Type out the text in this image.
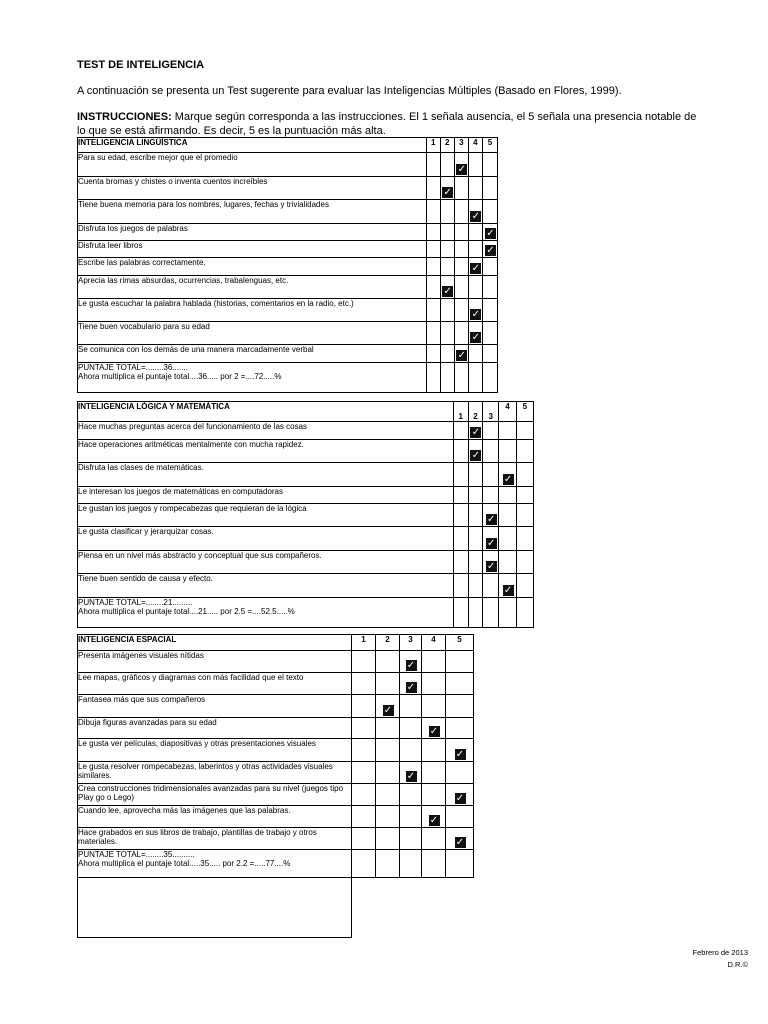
TEST DE INTELIGENCIA
A continuación se presenta un Test sugerente para evaluar las Inteligencias Múltiples (Basado en Flores, 1999).
INSTRUCCIONES: Marque según corresponda a las instrucciones. El 1 señala ausencia, el 5 señala una presencia notable de lo que se está afirmando. Es decir, 5 es la puntuación más alta.
INTELIGENCIA LINGÜÍSTICA	1	2	3	4	5
Para su edad, escribe mejor que el promedio			✓		

Cuenta bromas y chistes o inventa cuentos increíbles		✓			

Tiene buena memoria para los nombres, lugares, fechas y trivialidades				✓	

Disfruta los juegos de palabras					✓

Disfruta leer libros					✓

Escribe las palabras correctamente.				✓	

Aprecia las rimas absurdas, ocurrencias, trabalenguas, etc.		✓			

Le gusta escuchar la palabra hablada (historias, comentarios en la radio, etc.)				✓	

Tiene buen vocabulario para su edad				✓	

Se comunica con los demás de una manera marcadamente verbal			✓		

PUNTAJE TOTAL=........36.......
Ahora multiplica el puntaje total....36..... por 2 =....72.....%					

INTELIGENCIA LÓGICA Y MATEMÁTICA	1	2	3	4	5
Hace muchas preguntas acerca del funcionamiento de las cosas		✓			

Hace operaciones aritméticas mentalmente con mucha rapidez.		✓			

Disfruta las clases de matemáticas.				✓	

Le interesan los juegos de matemáticas en computadoras					
Le gustan los juegos y rompecabezas que requieran de la lógica			✓		

Le gusta clasificar y jerarquizar cosas.			✓		

Piensa en un nivel más abstracto y conceptual que sus compañeros.			✓		

Tiene buen sentido de causa y efecto.				✓	

PUNTAJE TOTAL=........21.........
Ahora multiplica el puntaje total....21..... por 2.5 =....52.5.....%					

INTELIGENCIA ESPACIAL	1	2	3	4	5
Presenta imágenes visuales nítidas			✓		

Lee mapas, gráficos y diagramas con más facilidad que el texto			✓		

Fantasea más que sus compañeros		✓			

Dibuja figuras avanzadas para su edad				✓	

Le gusta ver películas, diapositivas y otras presentaciones visuales					✓

Le gusta resolver rompecabezas, laberintos y otras actividades visuales similares.			✓		

Crea construcciones tridimensionales avanzadas para su nivel (juegos tipo Play go o Lego)					✓

Cuando lee, aprovecha más las imágenes que las palabras.				✓	

Hace grabados en sus libros de trabajo, plantillas de trabajo y otros materiales.					✓

PUNTAJE TOTAL=........35..........
Ahora multiplica el puntaje total.....35..... por 2.2 =.....77....%					

Febrero de 2013
D.R.©
